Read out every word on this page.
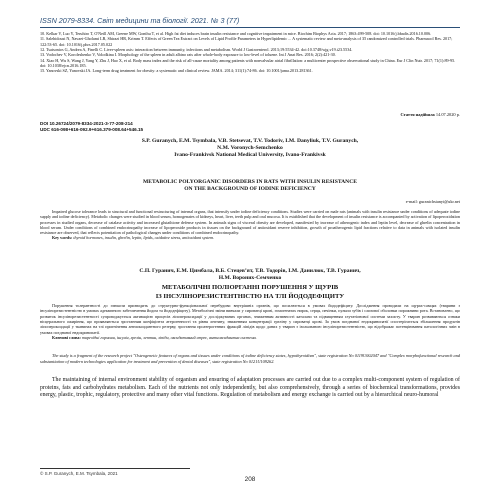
ISSN 2079-8334. Світ медицини та біології. 2021. № 3 (77)

10. Kelkar V, Luo Y, Teruhiro T, O'Neill AM, Greene MW, Gonthu T, et al. High fat diet induces brain insulin resistance and cognitive impairment in mice. Biochim Biophys Acta. 2017; 1863:499-508. doi: 10.1016/j.bbadis.2016.10.006.

11. Salehidoust N, Navaei-Gholami LR, Shirazi HR, Krimm T. Effects of Green Tea Extract on Levels of Lipid Profile Parameters in Hyperlipidemic ... A systematic review and meta-analysis of 35 randomized controlled trials. Pharmacol Res. 2017; 122:53-65. doi: 10.1016/j.phrs.2017.05.022

12. Tsatsonios G, Andrea A, Finelli C. Liver-spleen axis: interaction between immunity, infections and metabolism. World J Gastroenterol. 2013;19:5534-42. doi:10.3748/wjg.v19.i23.5534.

13. Vodochev V, Koroleshenko V, Volodkina I. Morphology of the spleen in adult albino rats after whole-body exposure to low-level of toluene. Int J Anat Res. 2016; 2(2):421-30.

14. Xiao H, Wu S, Wang J, Yang Y, Zhu J, Hao X, et al. Body mass index and the risk of all-cause mortality among patients with nonvalvular atrial fibrillation: a multicenter prospective observational study in China. Eur J Clin Nutr. 2017; 71(1):89-95. doi: 10.1038/ejcn.2016.185.

15. Yanovski SZ, Yanovski JA. Long-term drug treatment for obesity: a systematic and clinical review. JAMA. 2014; 311(1):74-86. doi: 10.1001/jama.2013.281361.

Стаття надійшла 14.07.2020 р.
DOI 10.26724/2079-8334-2021-3-77-208-214
UDC 616-098+616-092.9+616.379-008.64+546.15
S.P. Guranych, E.M. Tsymbala, V.B. Stetsevat, T.V. Todoriv, I.M. Danyliuk, T.V. Guranych,
N.M. Voronych-Semchenko
Ivano-Frankivsk National Medical University, Ivano-Frankivsk
METABOLIC POLYORGANIC DISORDERS IN RATS WITH INSULIN RESISTANCE
ON THE BACKGROUND OF IODINE DEFICIENCY
e-mail: guranichstanyi@ukr.net

Impaired glucose tolerance leads to structural and functional restructuring of internal organs, that intensify under iodine deficiency conditions. Studies were carried on male rats (animals with insulin resistance under conditions of adequate iodine supply and iodine deficiency). Metabolic changes were studied in blood serum, homogenates of kidneys, heart, liver, teeth pulp and oral mucosa. It is established that the development of insulin resistance is accompanied by activation of lipoperoxidation processes in studied organs, decrease of catalase activity and increased glutathione defense system. In animals signs of visceral obesity are developed, manifested by increase of atherogenic index and leptin level, decrease of ghrelin concentration in blood serum. Under conditions of combined endocrinopathy increase of lipoperoxide products in tissues on the background of antioxidant reserve inhibition, growth of proatherogenic lipid fractions relative to data in animals with isolated insulin resistance are observed, that reflects potentiation of pathological changes under conditions of combined endocrinopathy.

Key words: thyroid hormones, insulin, ghrelin, leptin, lipids, oxidative stress, antioxidant system.

С.П. Гуранич, Е.М. Цимбала, В.Б. Стецевʼят, Т.В. Тодорів, І.М. Данилюк, Т.В. Гуранич,
Н.М. Вороних-Семченко
МЕТАБОЛІЧНІ ПОЛІОРГАННІ ПОРУШЕННЯ У ЩУРІВ
ІЗ ІНСУЛІНОРЕЗИСТЕНТНІСТЮ НА ТЛІ ЙОДОДЕФІЦИТУ

Порушення толерантності до глюкози призводить до структурно-функціональної перебудови внутрішніх органів, що посилюється в умовах йододефіциту. Дослідження проводили на щурах-самцях (тварини з інсулінорезистентністю в умовах адекватного забезпечення йодом та йододефіциту). Метаболічні зміни вивчали у сироватці крові, гомогенатах нирок, серця, печінки, пульпи зубів і слизової оболонки порожнини рота. Встановлено, що розвиток інсулінорезистентності супроводжується активацією процесів ліпопероксидації у досліджуваних органах, зниженням активності каталази та підвищенням глутатіонової системи захисту. У тварин розвиваються ознаки вісцерального ожиріння, що проявляються зростанням коефіцієнта атерогенності та рівня лептину, зниженням концентрації греліну у сироватці крові. За умов поєднаної ендокринопатії спостерігається збільшення продуктів ліпопероксидації у тканинах на тлі пригнічення антиоксидантного резерву, зростання проатерогенних фракцій ліпідів щодо даних у тварин з ізольованою інсулінорезистентністю, що відображає потенціювання патологічних змін в умовах поєднаної ендокринопатії.

Ключові слова: тиреоїдні гормони, інсулін, грелін, лептин, ліпіди, оксидативний стрес, антиоксидантна система.

The study is a fragment of the research project "Osteogenetic features of organs and tissues under conditions of iodine deficiency states, hypothyroidism", state registration No 0119U002047 and "Complex morphofunctional research and substantiation of modern technologies application for treatment and prevention of dental diseases", state registration No 0121U109262.

The maintaining of internal environment stability of organism and ensuring of adaptation processes are carried out due to a complex multi-component system of regulation of proteins, fats and carbohydrates metabolism. Each of the nutrients not only independently, but also comprehensively, through a series of biochemical transformations, provides energy, plastic, trophic, regulatory, protective and many other vital functions. Regulation of metabolism and energy exchange is carried out by a hierarchical neuro-humoral

© S.P. Guranych, E.M. Tsymbala, 2021
208
